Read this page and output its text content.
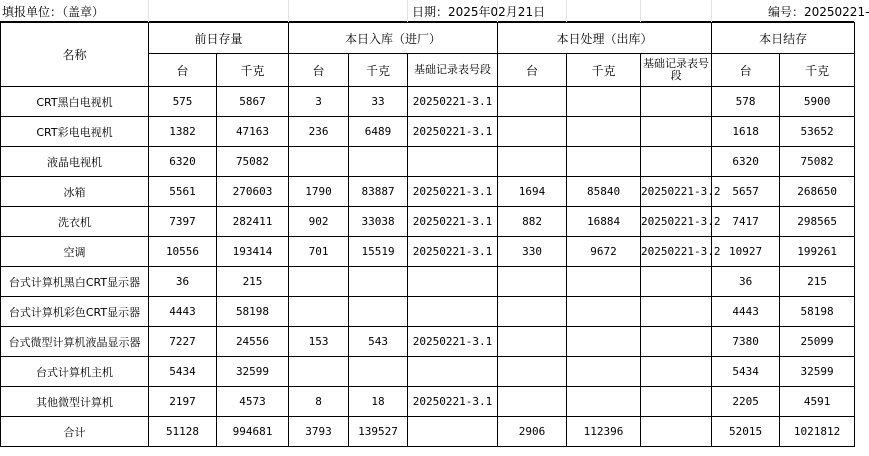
填报单位：（盖章）	日期：2025年02月21日	编号：20250221-
名称	前日存量		本日入库（进厂）			本日处理（出库）			本日结存	
	台	千克	台	千克	基础记录表号段	台	千克	基础记录表号段	台	千克
CRT黑白电视机	575	5867	3	33	20250221-3.1				578	5900
CRT彩电电视机	1382	47163	236	6489	20250221-3.1				1618	53652
液晶电视机	6320	75082							6320	75082
冰箱	5561	270603	1790	83887	20250221-3.1	1694	85840	20250221-3.2	5657	268650
洗衣机	7397	282411	902	33038	20250221-3.1	882	16884	20250221-3.2	7417	298565
空调	10556	193414	701	15519	20250221-3.1	330	9672	20250221-3.2	10927	199261
台式计算机黑白CRT显示器	36	215							36	215
台式计算机彩色CRT显示器	4443	58198							4443	58198
台式微型计算机液晶显示器	7227	24556	153	543	20250221-3.1				7380	25099
台式计算机主机	5434	32599							5434	32599
其他微型计算机	2197	4573	8	18	20250221-3.1				2205	4591
合计	51128	994681	3793	139527		2906	112396		52015	1021812
